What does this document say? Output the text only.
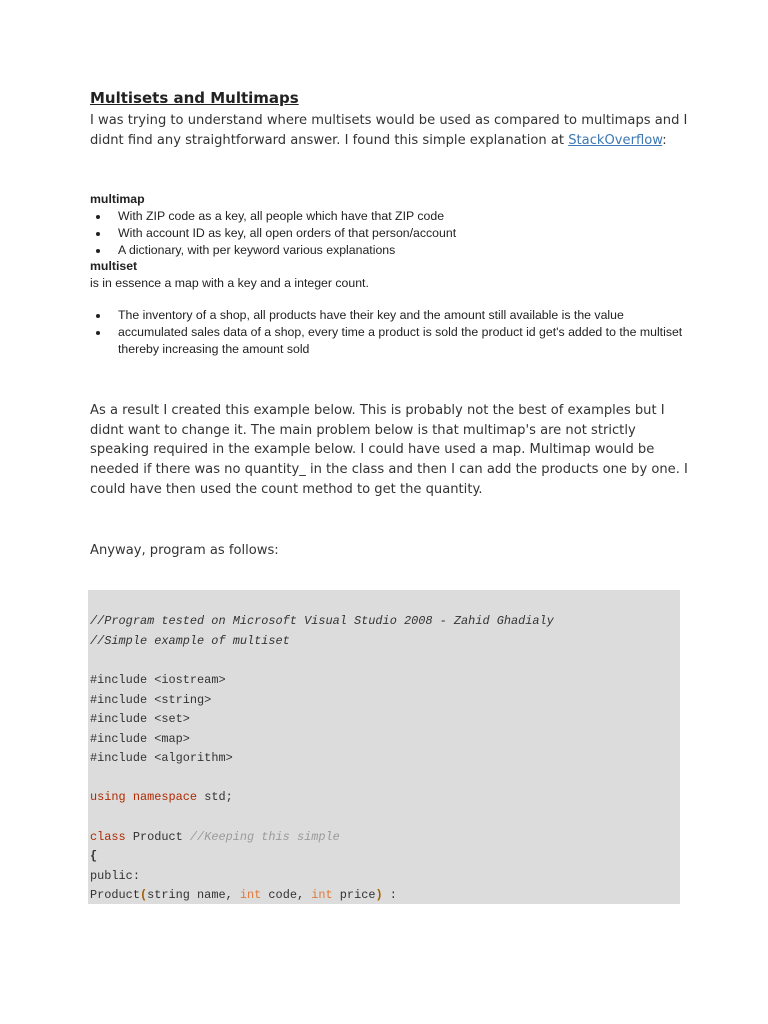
Multisets and Multimaps

I was trying to understand where multisets would be used as compared to multimaps and I didnt find any straightforward answer. I found this simple explanation at StackOverflow:

multimap

With ZIP code as a key, all people which have that ZIP code
With account ID as key, all open orders of that person/account
A dictionary, with per keyword various explanations

multiset

is in essence a map with a key and a integer count.

The inventory of a shop, all products have their key and the amount still available is the value
accumulated sales data of a shop, every time a product is sold the product id get's added to the multiset thereby increasing the amount sold

As a result I created this example below. This is probably not the best of examples but I didnt want to change it. The main problem below is that multimap's are not strictly speaking required in the example below. I could have used a map. Multimap would be needed if there was no quantity_ in the class and then I can add the products one by one. I could have then used the count method to get the quantity.

Anyway, program as follows:

//Program tested on Microsoft Visual Studio 2008 - Zahid Ghadialy
//Simple example of multiset
#include <iostream>
#include <string>
#include <set>
#include <map>
#include <algorithm>
using namespace std;
class Product //Keeping this simple
{
public:
Product(string name, int code, int price) :
